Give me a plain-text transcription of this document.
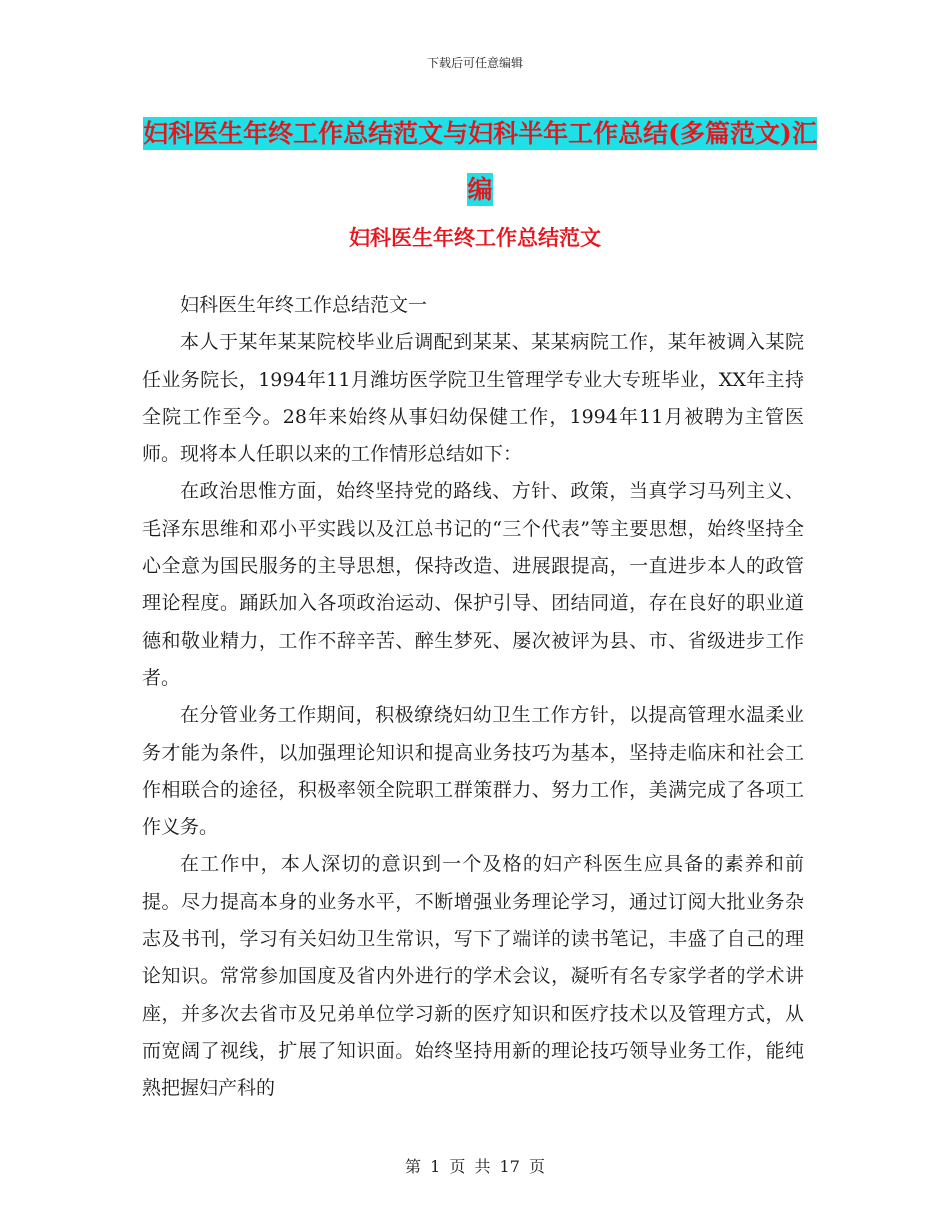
下载后可任意编辑
妇科医生年终工作总结范文与妇科半年工作总结(多篇范文)汇编
妇科医生年终工作总结范文

妇科医生年终工作总结范文一

本人于某年某某院校毕业后调配到某某、某某病院工作，某年被调入某院任业务院长，1994年11月潍坊医学院卫生管理学专业大专班毕业，XX年主持全院工作至今。28年来始终从事妇幼保健工作，1994年11月被聘为主管医师。现将本人任职以来的工作情形总结如下：

在政治思惟方面，始终坚持党的路线、方针、政策，当真学习马列主义、毛泽东思维和邓小平实践以及江总书记的“三个代表”等主要思想，始终坚持全心全意为国民服务的主导思想，保持改造、进展跟提高，一直进步本人的政管理论程度。踊跃加入各项政治运动、保护引导、团结同道，存在良好的职业道德和敬业精力，工作不辞辛苦、醉生梦死、屡次被评为县、市、省级进步工作者。

在分管业务工作期间，积极缭绕妇幼卫生工作方针，以提高管理水温柔业务才能为条件，以加强理论知识和提高业务技巧为基本，坚持走临床和社会工作相联合的途径，积极率领全院职工群策群力、努力工作，美满完成了各项工作义务。

在工作中，本人深切的意识到一个及格的妇产科医生应具备的素养和前提。尽力提高本身的业务水平，不断增强业务理论学习，通过订阅大批业务杂志及书刊，学习有关妇幼卫生常识，写下了端详的读书笔记，丰盛了自己的理论知识。常常参加国度及省内外进行的学术会议，凝听有名专家学者的学术讲座，并多次去省市及兄弟单位学习新的医疗知识和医疗技术以及管理方式，从而宽阔了视线，扩展了知识面。始终坚持用新的理论技巧领导业务工作，能纯熟把握妇产科的

第 1 页 共 17 页
